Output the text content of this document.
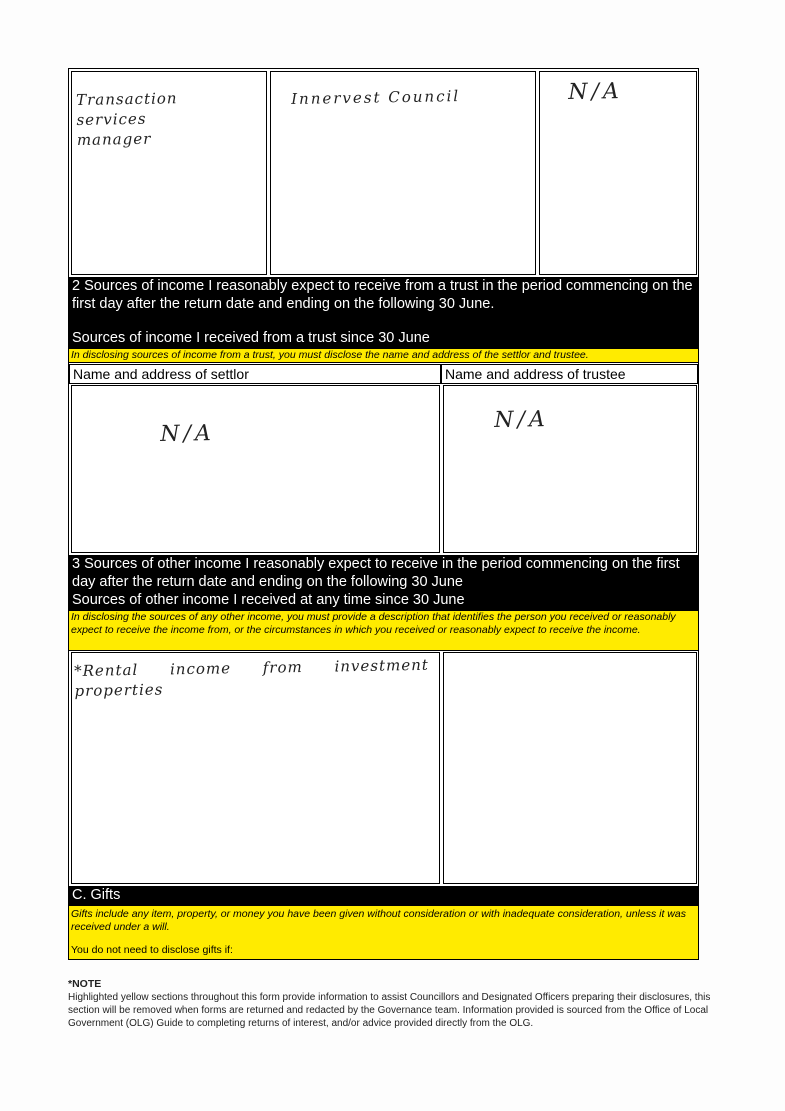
Transaction services manager
Innervest Council	N/A
2 Sources of income I reasonably expect to receive from a trust in the period commencing on the first day after the return date and ending on the following 30 June.
Sources of income I received from a trust since 30 June
In disclosing sources of income from a trust, you must disclose the name and address of the settlor and trustee.
Name and address of settlor	Name and address of trustee
N/A
N/A
3 Sources of other income I reasonably expect to receive in the period commencing on the first day after the return date and ending on the following 30 June
Sources of other income I received at any time since 30 June
In disclosing the sources of any other income, you must provide a description that identifies the person you received or reasonably expect to receive the income from, or the circumstances in which you received or reasonably expect to receive the income.
*Rental income from investment properties
C. Gifts
Gifts include any item, property, or money you have been given without consideration or with inadequate consideration, unless it was received under a will.
You do not need to disclose gifts if:
*NOTE
Highlighted yellow sections throughout this form provide information to assist Councillors and Designated Officers preparing their disclosures, this section will be removed when forms are returned and redacted by the Governance team. Information provided is sourced from the Office of Local Government (OLG) Guide to completing returns of interest, and/or advice provided directly from the OLG.
